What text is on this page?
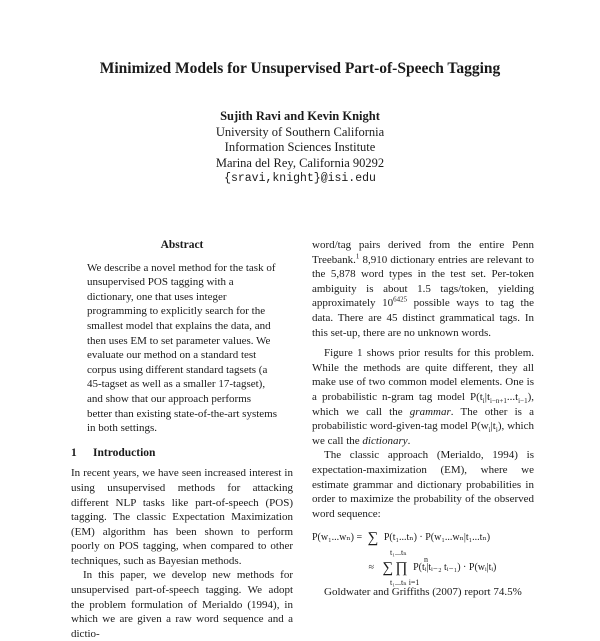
Minimized Models for Unsupervised Part-of-Speech Tagging
Sujith Ravi and Kevin Knight
University of Southern California
Information Sciences Institute
Marina del Rey, California 90292
{sravi,knight}@isi.edu
Abstract

We describe a novel method for the task of unsupervised POS tagging with a dictionary, one that uses integer programming to explicitly search for the smallest model that explains the data, and then uses EM to set parameter values. We evaluate our method on a standard test corpus using different standard tagsets (a 45-tagset as well as a smaller 17-tagset), and show that our approach performs better than existing state-of-the-art systems in both settings.

1 Introduction

In recent years, we have seen increased interest in using unsupervised methods for attacking different NLP tasks like part-of-speech (POS) tagging. The classic Expectation Maximization (EM) algorithm has been shown to perform poorly on POS tagging, when compared to other techniques, such as Bayesian methods.

In this paper, we develop new methods for unsupervised part-of-speech tagging. We adopt the problem formulation of Merialdo (1994), in which we are given a raw word sequence and a dictio-

word/tag pairs derived from the entire Penn Treebank.$^1$ 8,910 dictionary entries are relevant to the 5,878 word types in the test set. Per-token ambiguity is about 1.5 tags/token, yielding approximately $10^{6425}$ possible ways to tag the data. There are 45 distinct grammatical tags. In this set-up, there are no unknown words.

Figure 1 shows prior results for this problem. While the methods are quite different, they all make use of two common model elements. One is a probabilistic n-gram tag model $P(t_i|t_{i-n+1}...t_{i-1})$, which we call the grammar. The other is a probabilistic word-given-tag model $P(w_i|t_i)$, which we call the dictionary.

The classic approach (Merialdo, 1994) is expectation-maximization (EM), where we estimate grammar and dictionary probabilities in order to maximize the probability of the observed word sequence:

P(w₁...wₙ) = ∑ P(t₁...tₙ) · P(w₁...wₙ|t₁...tₙ)
t₁...tₙ
≈ ∑ ∏ P(tᵢ|tᵢ₋₂ tᵢ₋₁) · P(wᵢ|tᵢ)
n
t₁...tₙ i=1

Goldwater and Griffiths (2007) report 74.5%
